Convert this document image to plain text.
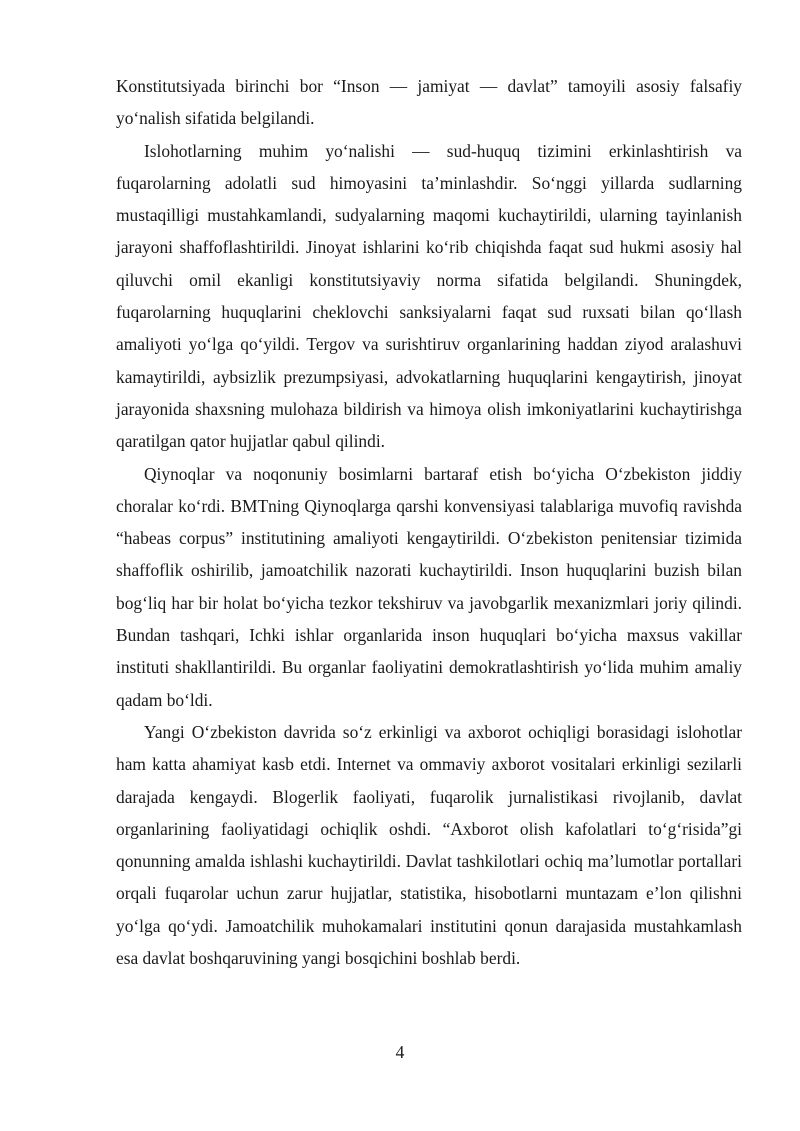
Konstitutsiyada birinchi bor “Inson — jamiyat — davlat” tamoyili asosiy falsafiy yo‘nalish sifatida belgilandi.

Islohotlarning muhim yo‘nalishi — sud-huquq tizimini erkinlashtirish va fuqarolarning adolatli sud himoyasini ta’minlashdir. So‘nggi yillarda sudlarning mustaqilligi mustahkamlandi, sudyalarning maqomi kuchaytirildi, ularning tayinlanish jarayoni shaffoflashtirildi. Jinoyat ishlarini ko‘rib chiqishda faqat sud hukmi asosiy hal qiluvchi omil ekanligi konstitutsiyaviy norma sifatida belgilandi. Shuningdek, fuqarolarning huquqlarini cheklovchi sanksiyalarni faqat sud ruxsati bilan qo‘llash amaliyoti yo‘lga qo‘yildi. Tergov va surishtiruv organlarining haddan ziyod aralashuvi kamaytirildi, aybsizlik prezumpsiyasi, advokatlarning huquqlarini kengaytirish, jinoyat jarayonida shaxsning mulohaza bildirish va himoya olish imkoniyatlarini kuchaytirishga qaratilgan qator hujjatlar qabul qilindi.

Qiynoqlar va noqonuniy bosimlarni bartaraf etish bo‘yicha O‘zbekiston jiddiy choralar ko‘rdi. BMTning Qiynoqlarga qarshi konvensiyasi talablariga muvofiq ravishda “habeas corpus” institutining amaliyoti kengaytirildi. O‘zbekiston penitensiar tizimida shaffoflik oshirilib, jamoatchilik nazorati kuchaytirildi. Inson huquqlarini buzish bilan bog‘liq har bir holat bo‘yicha tezkor tekshiruv va javobgarlik mexanizmlari joriy qilindi. Bundan tashqari, Ichki ishlar organlarida inson huquqlari bo‘yicha maxsus vakillar instituti shakllantirildi. Bu organlar faoliyatini demokratlashtirish yo‘lida muhim amaliy qadam bo‘ldi.

Yangi O‘zbekiston davrida so‘z erkinligi va axborot ochiqligi borasidagi islohotlar ham katta ahamiyat kasb etdi. Internet va ommaviy axborot vositalari erkinligi sezilarli darajada kengaydi. Blogerlik faoliyati, fuqarolik jurnalistikasi rivojlanib, davlat organlarining faoliyatidagi ochiqlik oshdi. “Axborot olish kafolatlari to‘g‘risida”gi qonunning amalda ishlashi kuchaytirildi. Davlat tashkilotlari ochiq ma’lumotlar portallari orqali fuqarolar uchun zarur hujjatlar, statistika, hisobotlarni muntazam e’lon qilishni yo‘lga qo‘ydi. Jamoatchilik muhokamalari institutini qonun darajasida mustahkamlash esa davlat boshqaruvining yangi bosqichini boshlab berdi.

4
